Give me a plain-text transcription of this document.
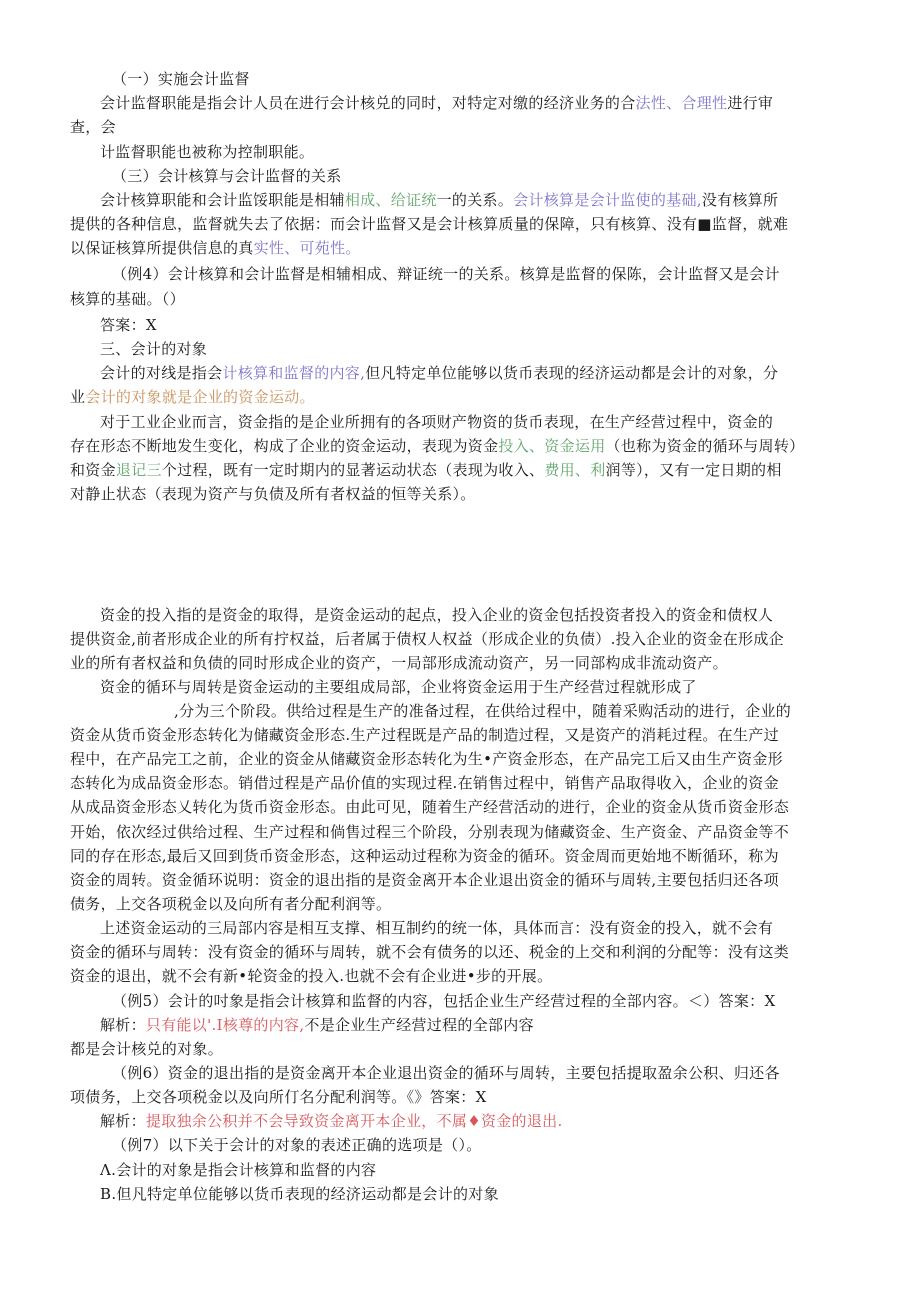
（一）实施会计监督
会计监督职能是指会计人员在进行会计核兑的同时，对特定对缴的经济业务的合法性、合理性进行审
查，会
计监督职能也被称为控制职能。
（三）会计核算与会计监督的关系
会计核算职能和会计监馁职能是相辅相成、给证统一的关系。会计核算是会计监使的基础,没有核算所
提供的各种信息，监督就失去了依据：而会计监督又是会计核算质量的保障，只有核算、没有■监督，就难
以保证核算所提供信息的真实性、可苑性。
（例4）会计核算和会计监督是相辅相成、辩证统一的关系。核算是监督的保陈，会计监督又是会计
核算的基础。（）
答案：X
三、会计的对象
会计的对线是指会计核算和监督的内容,但凡特定单位能够以货币表现的经济运动都是会计的对象，分
业会计的对象就是企业的资金运动。
对于工业企业而言，资金指的是企业所拥有的各项财产物资的货币表现，在生产经营过程中，资金的
存在形态不断地发生变化，构成了企业的资金运动，表现为资金投入、资金运用（也称为资金的循环与周转）
和资金退记三个过程，既有一定时期内的显著运动状态（表现为收入、费用、利润等），又有一定日期的相
对静止状态（表现为资产与负债及所有者权益的恒等关系）。
资金的投入指的是资金的取得，是资金运动的起点，投入企业的资金包括投资者投入的资金和债权人
提供资金,前者形成企业的所有拧权益，后者属于债权人权益（形成企业的负债）.投入企业的资金在形成企
业的所有者权益和负债的同时形成企业的资产，一局部形成流动资产，另一同部构成非流动资产。
资金的循环与周转是资金运动的主要组成局部，企业将资金运用于生产经营过程就形成了
,分为三个阶段。供给过程是生产的准备过程，在供给过程中，随着采购活动的进行，企业的
资金从货币资金形态转化为储藏资金形态.生产过程既是产品的制造过程，又是资产的消耗过程。在生产过
程中，在产品完工之前，企业的资金从储藏资金形态转化为生•产资金形态，在产品完工后又由生产资金形
态转化为成品资金形态。销借过程是产品价值的实现过程.在销售过程中，销售产品取得收入，企业的资金
从成品资金形态乂转化为货币资金形态。由此可见，随着生产经营活动的进行，企业的资金从货币资金形态
开始，依次经过供给过程、生产过程和倘售过程三个阶段，分别表现为储藏资金、生产资金、产品资金等不
同的存在形态,最后又回到货币资金形态，这种运动过程称为资金的循环。资金周而更始地不断循环，称为
资金的周转。资金循环说明：资金的退出指的是资金离开本企业退出资金的循环与周转,主要包括归还各项
债务，上交各项税金以及向所有者分配利润等。
上述资金运动的三局部内容是相互支撑、相互制约的统一体，具体而言：没有资金的投入，就不会有
资金的循环与周转：没有资金的循环与周转，就不会有债务的以还、税金的上交和利润的分配等：没有这类
资金的退出，就不会有新•轮资金的投入.也就不会有企业进•步的开展。
（例5）会计的吋象是指会计核算和监督的内容，包括企业生产经营过程的全部内容。＜）答案：X
解析：只有能以'.I核尊的内容,不是企业生产经营过程的全部内容
都是会计核兑的对象。
（例6）资金的退出指的是资金离开本企业退出资金的循环与周转，主要包括提取盈余公积、归还各
项债务，上交各项税金以及向所仃名分配利润等。《》答案：X
解析：提取独余公积并不会导致资金离开本企业，不属♦资金的退出.
（例7）以下关于会计的对象的表述正确的选项是（）。
Λ.会计的对象是指会计核算和监督的内容
B.但凡特定单位能够以货币表现的经济运动都是会计的对象
